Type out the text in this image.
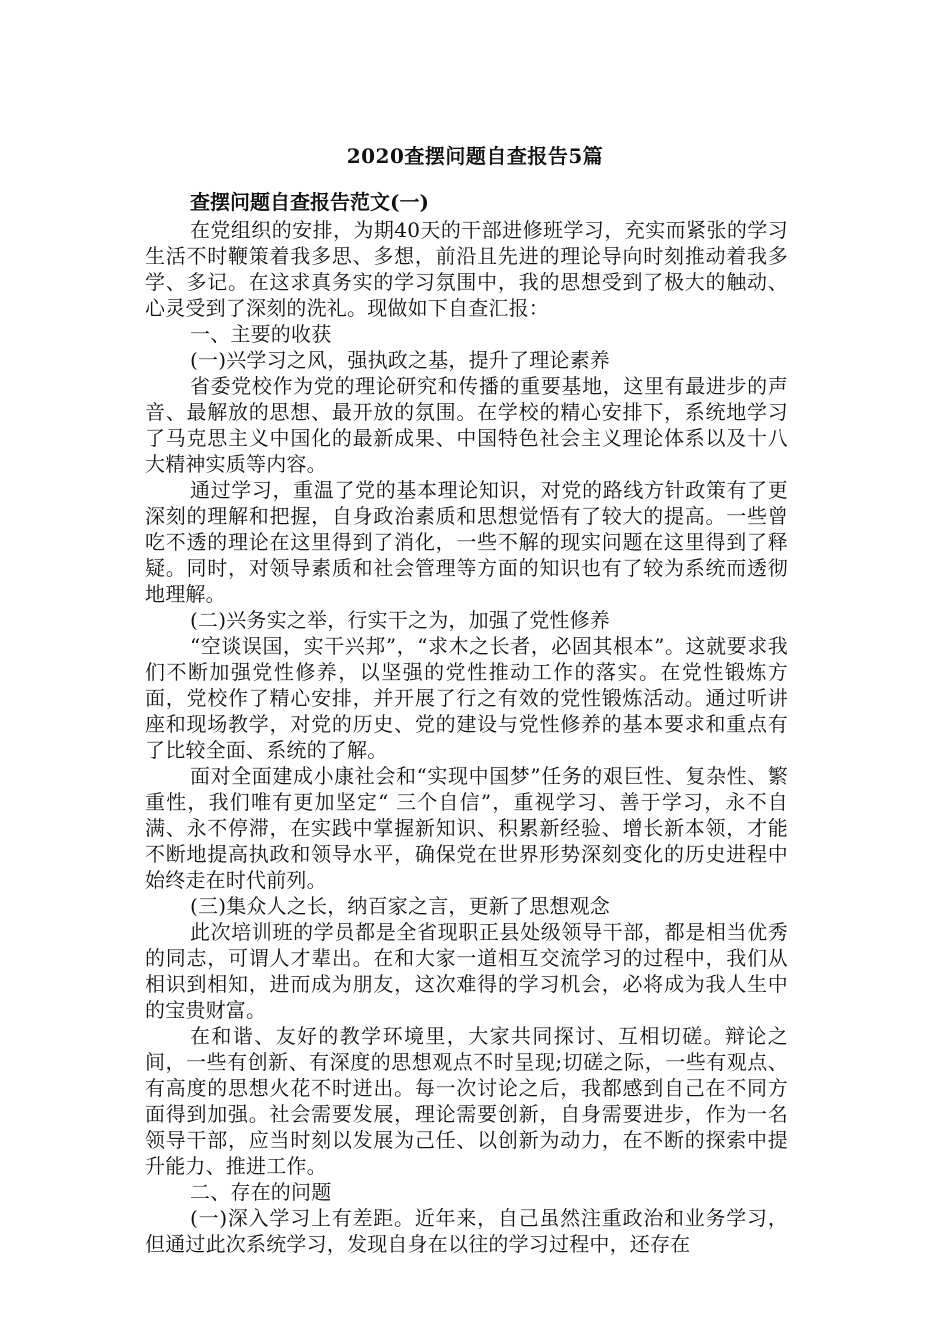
2020查摆问题自查报告5篇
查摆问题自查报告范文(一)

在党组织的安排，为期40天的干部进修班学习，充实而紧张的学习生活不时鞭策着我多思、多想，前沿且先进的理论导向时刻推动着我多学、多记。在这求真务实的学习氛围中，我的思想受到了极大的触动、心灵受到了深刻的洗礼。现做如下自查汇报：

一、主要的收获

(一)兴学习之风，强执政之基，提升了理论素养

省委党校作为党的理论研究和传播的重要基地，这里有最进步的声音、最解放的思想、最开放的氛围。在学校的精心安排下，系统地学习了马克思主义中国化的最新成果、中国特色社会主义理论体系以及十八大精神实质等内容。

通过学习，重温了党的基本理论知识，对党的路线方针政策有了更深刻的理解和把握，自身政治素质和思想觉悟有了较大的提高。一些曾吃不透的理论在这里得到了消化，一些不解的现实问题在这里得到了释疑。同时，对领导素质和社会管理等方面的知识也有了较为系统而透彻地理解。

(二)兴务实之举，行实干之为，加强了党性修养

“空谈误国，实干兴邦”，“求木之长者，必固其根本”。这就要求我们不断加强党性修养，以坚强的党性推动工作的落实。在党性锻炼方面，党校作了精心安排，并开展了行之有效的党性锻炼活动。通过听讲座和现场教学，对党的历史、党的建设与党性修养的基本要求和重点有了比较全面、系统的了解。

面对全面建成小康社会和“实现中国梦”任务的艰巨性、复杂性、繁重性，我们唯有更加坚定“ 三个自信”，重视学习、善于学习，永不自满、永不停滞，在实践中掌握新知识、积累新经验、增长新本领，才能不断地提高执政和领导水平，确保党在世界形势深刻变化的历史进程中始终走在时代前列。

(三)集众人之长，纳百家之言，更新了思想观念

此次培训班的学员都是全省现职正县处级领导干部，都是相当优秀的同志，可谓人才辈出。在和大家一道相互交流学习的过程中，我们从相识到相知，进而成为朋友，这次难得的学习机会，必将成为我人生中的宝贵财富。

在和谐、友好的教学环境里，大家共同探讨、互相切磋。辩论之间，一些有创新、有深度的思想观点不时呈现;切磋之际，一些有观点、有高度的思想火花不时迸出。每一次讨论之后，我都感到自己在不同方面得到加强。社会需要发展，理论需要创新，自身需要进步，作为一名领导干部，应当时刻以发展为己任、以创新为动力，在不断的探索中提升能力、推进工作。

二、存在的问题

(一)深入学习上有差距。近年来，自己虽然注重政治和业务学习，但通过此次系统学习，发现自身在以往的学习过程中，还存在
